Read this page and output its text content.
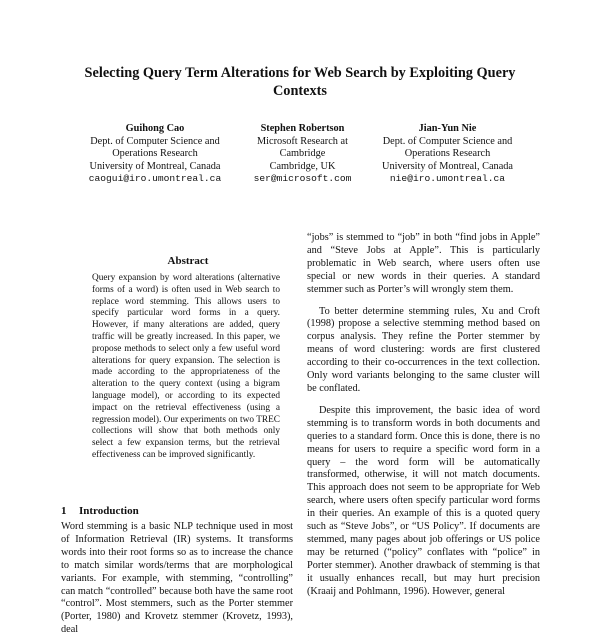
Selecting Query Term Alterations for Web Search by Exploiting Query Contexts
Guihong Cao
Dept. of Computer Science and
Operations Research
University of Montreal, Canada
caogui@iro.umontreal.ca
Stephen Robertson
Microsoft Research at
Cambridge
Cambridge, UK
ser@microsoft.com
Jian-Yun Nie
Dept. of Computer Science and
Operations Research
University of Montreal, Canada
nie@iro.umontreal.ca
Abstract
Query expansion by word alterations (alternative forms of a word) is often used in Web search to replace word stemming. This allows users to specify particular word forms in a query. However, if many alterations are added, query traffic will be greatly increased. In this paper, we propose methods to select only a few useful word alterations for query expansion. The selection is made according to the appropriateness of the alteration to the query context (using a bigram language model), or according to its expected impact on the retrieval effectiveness (using a regression model). Our experiments on two TREC collections will show that both methods only select a few expansion terms, but the retrieval effectiveness can be improved significantly.
1 Introduction
Word stemming is a basic NLP technique used in most of Information Retrieval (IR) systems. It transforms words into their root forms so as to increase the chance to match similar words/terms that are morphological variants. For example, with stemming, “controlling” can match “controlled” because both have the same root “control”. Most stemmers, such as the Porter stemmer (Porter, 1980) and Krovetz stemmer (Krovetz, 1993), deal

“jobs” is stemmed to “job” in both “find jobs in Apple” and “Steve Jobs at Apple”. This is particularly problematic in Web search, where users often use special or new words in their queries. A standard stemmer such as Porter’s will wrongly stem them.

To better determine stemming rules, Xu and Croft (1998) propose a selective stemming method based on corpus analysis. They refine the Porter stemmer by means of word clustering: words are first clustered according to their co-occurrences in the text collection. Only word variants belonging to the same cluster will be conflated.

Despite this improvement, the basic idea of word stemming is to transform words in both documents and queries to a standard form. Once this is done, there is no means for users to require a specific word form in a query – the word form will be automatically transformed, otherwise, it will not match documents. This approach does not seem to be appropriate for Web search, where users often specify particular word forms in their queries. An example of this is a quoted query such as “Steve Jobs”, or “US Policy”. If documents are stemmed, many pages about job offerings or US police may be returned (“policy” conflates with “police” in Porter stemmer). Another drawback of stemming is that it usually enhances recall, but may hurt precision (Kraaij and Pohlmann, 1996). However, general
